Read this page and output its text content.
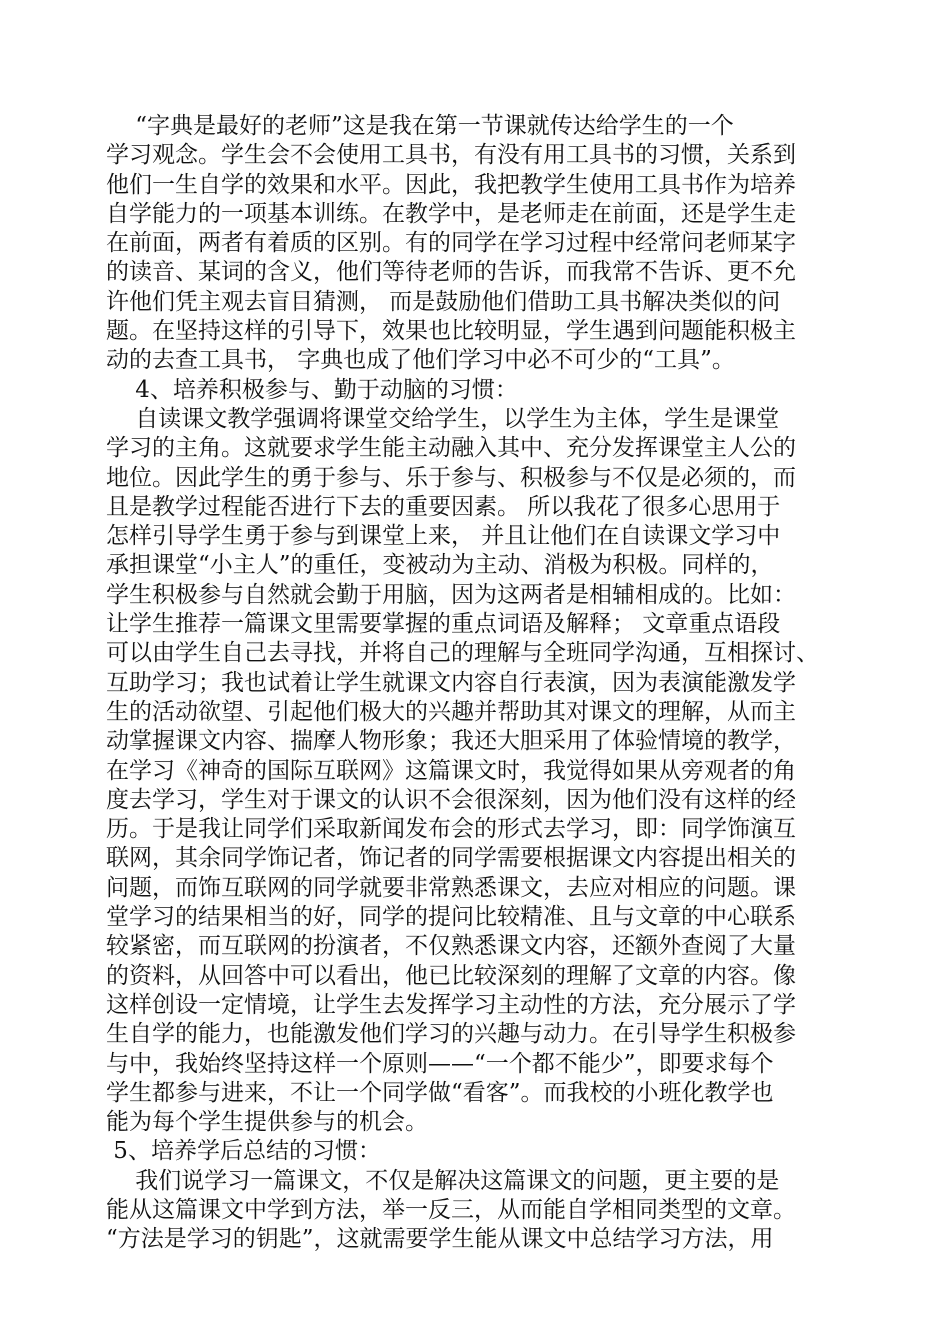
“字典是最好的老师”这是我在第一节课就传达给学生的一个
学习观念。学生会不会使用工具书，有没有用工具书的习惯，关系到
他们一生自学的效果和水平。因此，我把教学生使用工具书作为培养
自学能力的一项基本训练。在教学中，是老师走在前面，还是学生走
在前面，两者有着质的区别。有的同学在学习过程中经常问老师某字
的读音、某词的含义，他们等待老师的告诉，而我常不告诉、更不允
许他们凭主观去盲目猜测， 而是鼓励他们借助工具书解决类似的问
题。在坚持这样的引导下，效果也比较明显，学生遇到问题能积极主
动的去查工具书， 字典也成了他们学习中必不可少的“工具”。
4、培养积极参与、勤于动脑的习惯：
自读课文教学强调将课堂交给学生，以学生为主体，学生是课堂
学习的主角。这就要求学生能主动融入其中、充分发挥课堂主人公的
地位。因此学生的勇于参与、乐于参与、积极参与不仅是必须的，而
且是教学过程能否进行下去的重要因素。 所以我花了很多心思用于
怎样引导学生勇于参与到课堂上来， 并且让他们在自读课文学习中
承担课堂“小主人”的重任，变被动为主动、消极为积极。同样的，
学生积极参与自然就会勤于用脑，因为这两者是相辅相成的。比如：
让学生推荐一篇课文里需要掌握的重点词语及解释； 文章重点语段
可以由学生自己去寻找，并将自己的理解与全班同学沟通，互相探讨、
互助学习；我也试着让学生就课文内容自行表演，因为表演能激发学
生的活动欲望、引起他们极大的兴趣并帮助其对课文的理解，从而主
动掌握课文内容、揣摩人物形象；我还大胆采用了体验情境的教学，
在学习《神奇的国际互联网》这篇课文时，我觉得如果从旁观者的角
度去学习，学生对于课文的认识不会很深刻，因为他们没有这样的经
历。于是我让同学们采取新闻发布会的形式去学习，即：同学饰演互
联网，其余同学饰记者，饰记者的同学需要根据课文内容提出相关的
问题，而饰互联网的同学就要非常熟悉课文，去应对相应的问题。课
堂学习的结果相当的好，同学的提问比较精准、且与文章的中心联系
较紧密，而互联网的扮演者，不仅熟悉课文内容，还额外查阅了大量
的资料，从回答中可以看出，他已比较深刻的理解了文章的内容。像
这样创设一定情境，让学生去发挥学习主动性的方法，充分展示了学
生自学的能力，也能激发他们学习的兴趣与动力。在引导学生积极参
与中，我始终坚持这样一个原则——“一个都不能少”，即要求每个
学生都参与进来，不让一个同学做“看客”。而我校的小班化教学也
能为每个学生提供参与的机会。
5、培养学后总结的习惯：
我们说学习一篇课文，不仅是解决这篇课文的问题，更主要的是
能从这篇课文中学到方法，举一反三，从而能自学相同类型的文章。
“方法是学习的钥匙”，这就需要学生能从课文中总结学习方法，用
